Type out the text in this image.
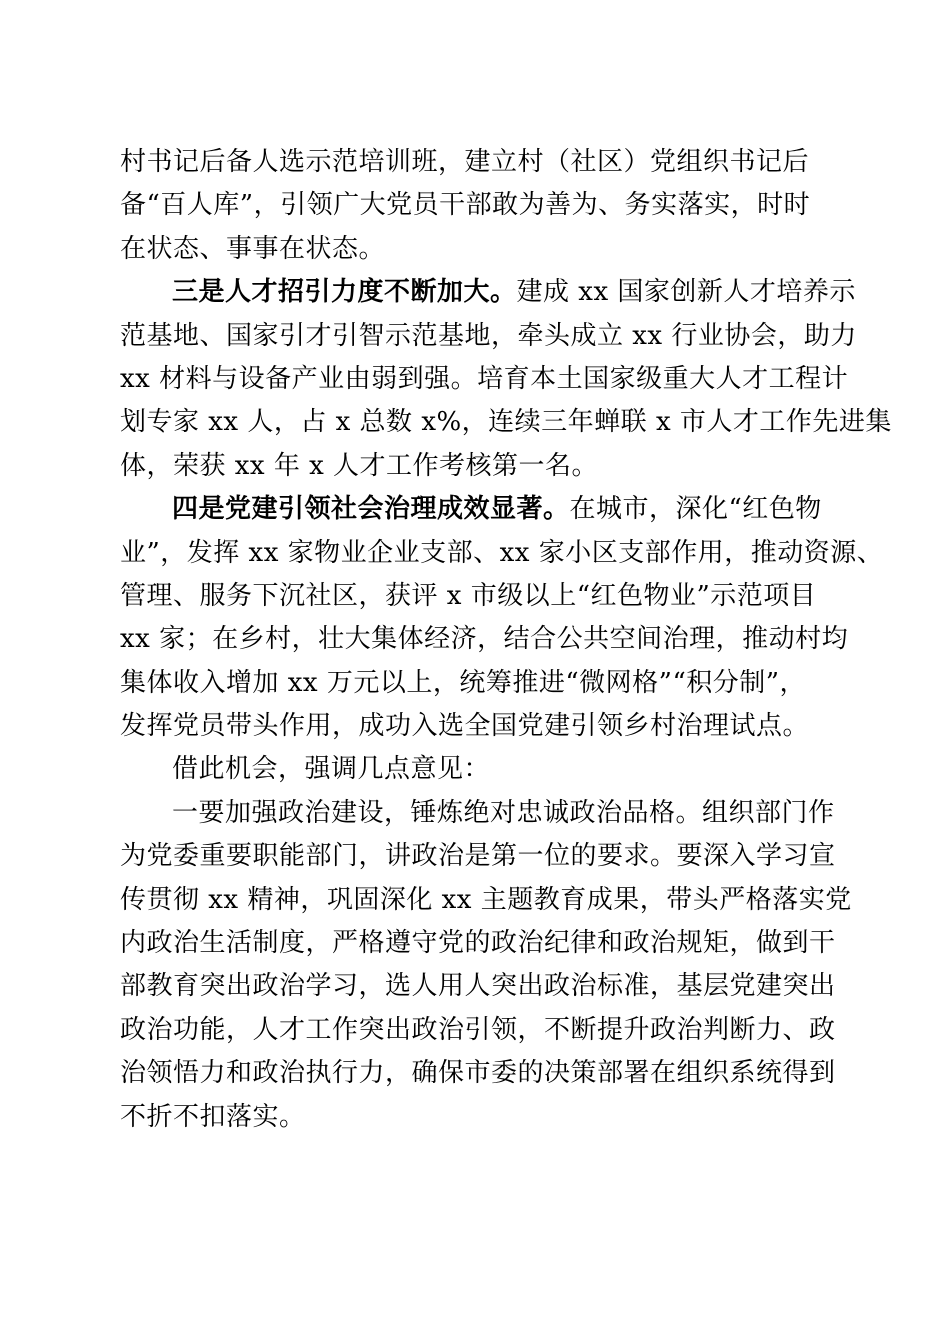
村书记后备人选示范培训班，建立村（社区）党组织书记后
备“百人库”，引领广大党员干部敢为善为、务实落实，时时
在状态、事事在状态。
三是人才招引力度不断加大。建成 xx 国家创新人才培养示
范基地、国家引才引智示范基地，牵头成立 xx 行业协会，助力
xx 材料与设备产业由弱到强。培育本土国家级重大人才工程计
划专家 xx 人，占 x 总数 x%，连续三年蝉联 x 市人才工作先进集
体，荣获 xx 年 x 人才工作考核第一名。
四是党建引领社会治理成效显著。在城市，深化“红色物
业”，发挥 xx 家物业企业支部、xx 家小区支部作用，推动资源、
管理、服务下沉社区，获评 x 市级以上“红色物业”示范项目
xx 家；在乡村，壮大集体经济，结合公共空间治理，推动村均
集体收入增加 xx 万元以上，统筹推进“微网格”“积分制”，
发挥党员带头作用，成功入选全国党建引领乡村治理试点。
借此机会，强调几点意见：
一要加强政治建设，锤炼绝对忠诚政治品格。组织部门作
为党委重要职能部门，讲政治是第一位的要求。要深入学习宣
传贯彻 xx 精神，巩固深化 xx 主题教育成果，带头严格落实党
内政治生活制度，严格遵守党的政治纪律和政治规矩，做到干
部教育突出政治学习，选人用人突出政治标准，基层党建突出
政治功能，人才工作突出政治引领，不断提升政治判断力、政
治领悟力和政治执行力，确保市委的决策部署在组织系统得到
不折不扣落实。
